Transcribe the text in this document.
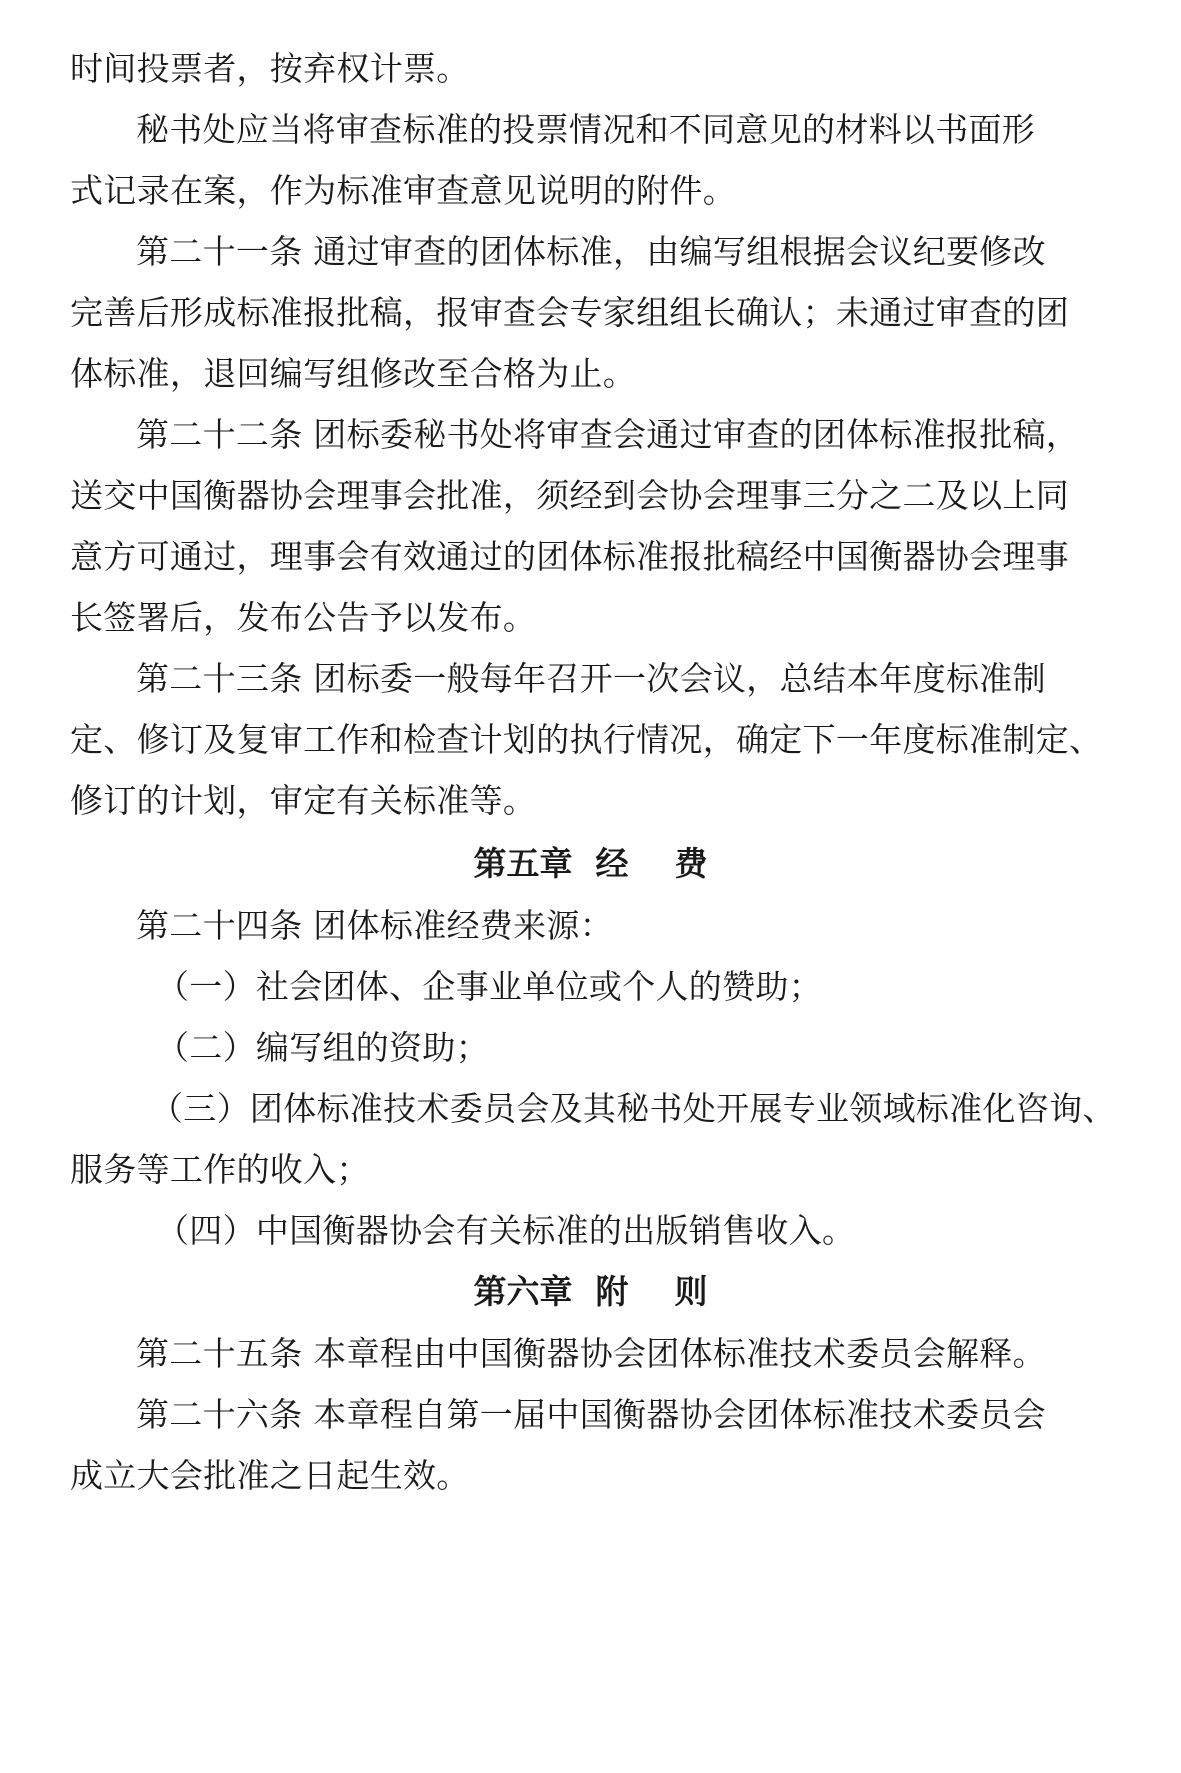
时间投票者，按弃权计票。
秘书处应当将审查标准的投票情况和不同意见的材料以书面形
式记录在案，作为标准审查意见说明的附件。
第二十一条 通过审查的团体标准，由编写组根据会议纪要修改
完善后形成标准报批稿，报审查会专家组组长确认；未通过审查的团
体标准，退回编写组修改至合格为止。
第二十二条 团标委秘书处将审查会通过审查的团体标准报批稿，
送交中国衡器协会理事会批准，须经到会协会理事三分之二及以上同
意方可通过，理事会有效通过的团体标准报批稿经中国衡器协会理事
长签署后，发布公告予以发布。
第二十三条 团标委一般每年召开一次会议，总结本年度标准制
定、修订及复审工作和检查计划的执行情况，确定下一年度标准制定、
修订的计划，审定有关标准等。
第五章  经    费
第二十四条 团体标准经费来源：
（一）社会团体、企事业单位或个人的赞助；
（二）编写组的资助；
（三）团体标准技术委员会及其秘书处开展专业领域标准化咨询、
服务等工作的收入；
（四）中国衡器协会有关标准的出版销售收入。
第六章  附    则
第二十五条 本章程由中国衡器协会团体标准技术委员会解释。
第二十六条 本章程自第一届中国衡器协会团体标准技术委员会
成立大会批准之日起生效。
